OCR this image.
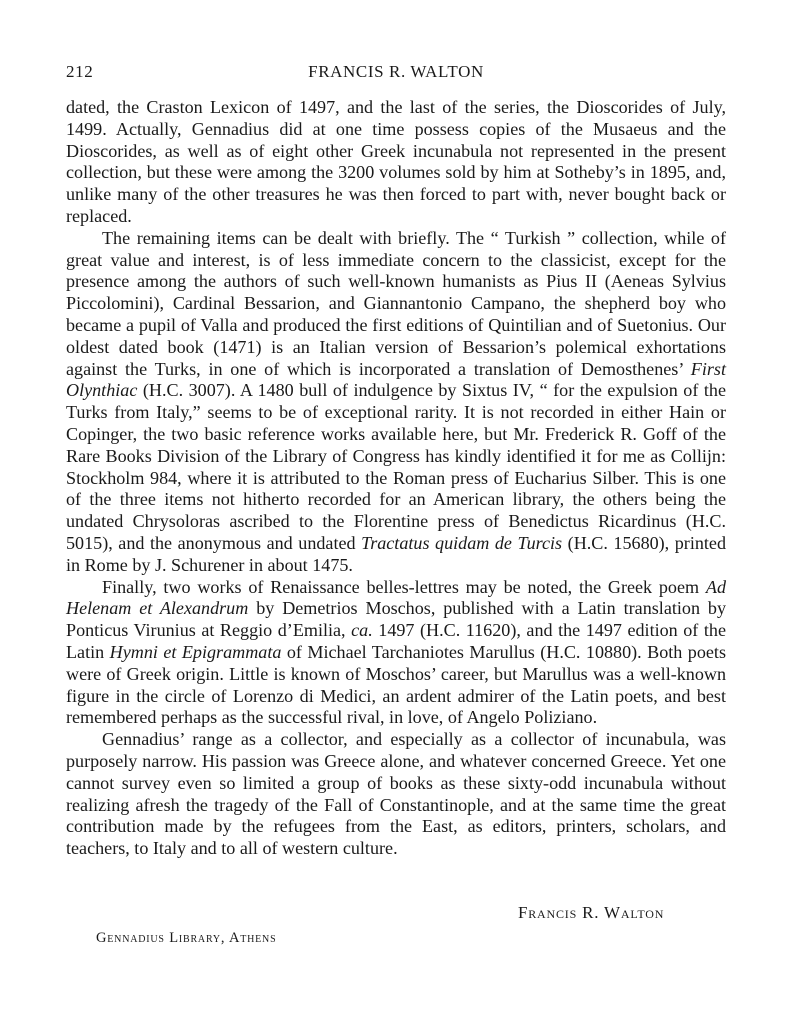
212	FRANCIS R. WALTON

dated, the Craston Lexicon of 1497, and the last of the series, the Dioscorides of July, 1499. Actually, Gennadius did at one time possess copies of the Musaeus and the Dioscorides, as well as of eight other Greek incunabula not represented in the present collection, but these were among the 3200 volumes sold by him at Sotheby’s in 1895, and, unlike many of the other treasures he was then forced to part with, never bought back or replaced.

The remaining items can be dealt with briefly. The “ Turkish ” collection, while of great value and interest, is of less immediate concern to the classicist, except for the presence among the authors of such well-known humanists as Pius II (Aeneas Sylvius Piccolomini), Cardinal Bessarion, and Giannantonio Campano, the shepherd boy who became a pupil of Valla and produced the first editions of Quintilian and of Suetonius. Our oldest dated book (1471) is an Italian version of Bessarion’s polemical exhortations against the Turks, in one of which is incorporated a translation of Demosthenes’ First Olynthiac (H.C. 3007). A 1480 bull of indulgence by Sixtus IV, “ for the expulsion of the Turks from Italy,” seems to be of exceptional rarity. It is not recorded in either Hain or Copinger, the two basic reference works available here, but Mr. Frederick R. Goff of the Rare Books Division of the Library of Congress has kindly identified it for me as Collijn: Stockholm 984, where it is attributed to the Roman press of Eucharius Silber. This is one of the three items not hitherto recorded for an American library, the others being the undated Chrysoloras ascribed to the Florentine press of Benedictus Ricardinus (H.C. 5015), and the anonymous and undated Tractatus quidam de Turcis (H.C. 15680), printed in Rome by J. Schurener in about 1475.

Finally, two works of Renaissance belles-lettres may be noted, the Greek poem Ad Helenam et Alexandrum by Demetrios Moschos, published with a Latin translation by Ponticus Virunius at Reggio d’Emilia, ca. 1497 (H.C. 11620), and the 1497 edition of the Latin Hymni et Epigrammata of Michael Tarchaniotes Marullus (H.C. 10880). Both poets were of Greek origin. Little is known of Moschos’ career, but Marullus was a well-known figure in the circle of Lorenzo di Medici, an ardent admirer of the Latin poets, and best remembered perhaps as the successful rival, in love, of Angelo Poliziano.

Gennadius’ range as a collector, and especially as a collector of incunabula, was purposely narrow. His passion was Greece alone, and whatever concerned Greece. Yet one cannot survey even so limited a group of books as these sixty-odd incunabula without realizing afresh the tragedy of the Fall of Constantinople, and at the same time the great contribution made by the refugees from the East, as editors, printers, scholars, and teachers, to Italy and to all of western culture.

Francis R. Walton
Gennadius Library, Athens
